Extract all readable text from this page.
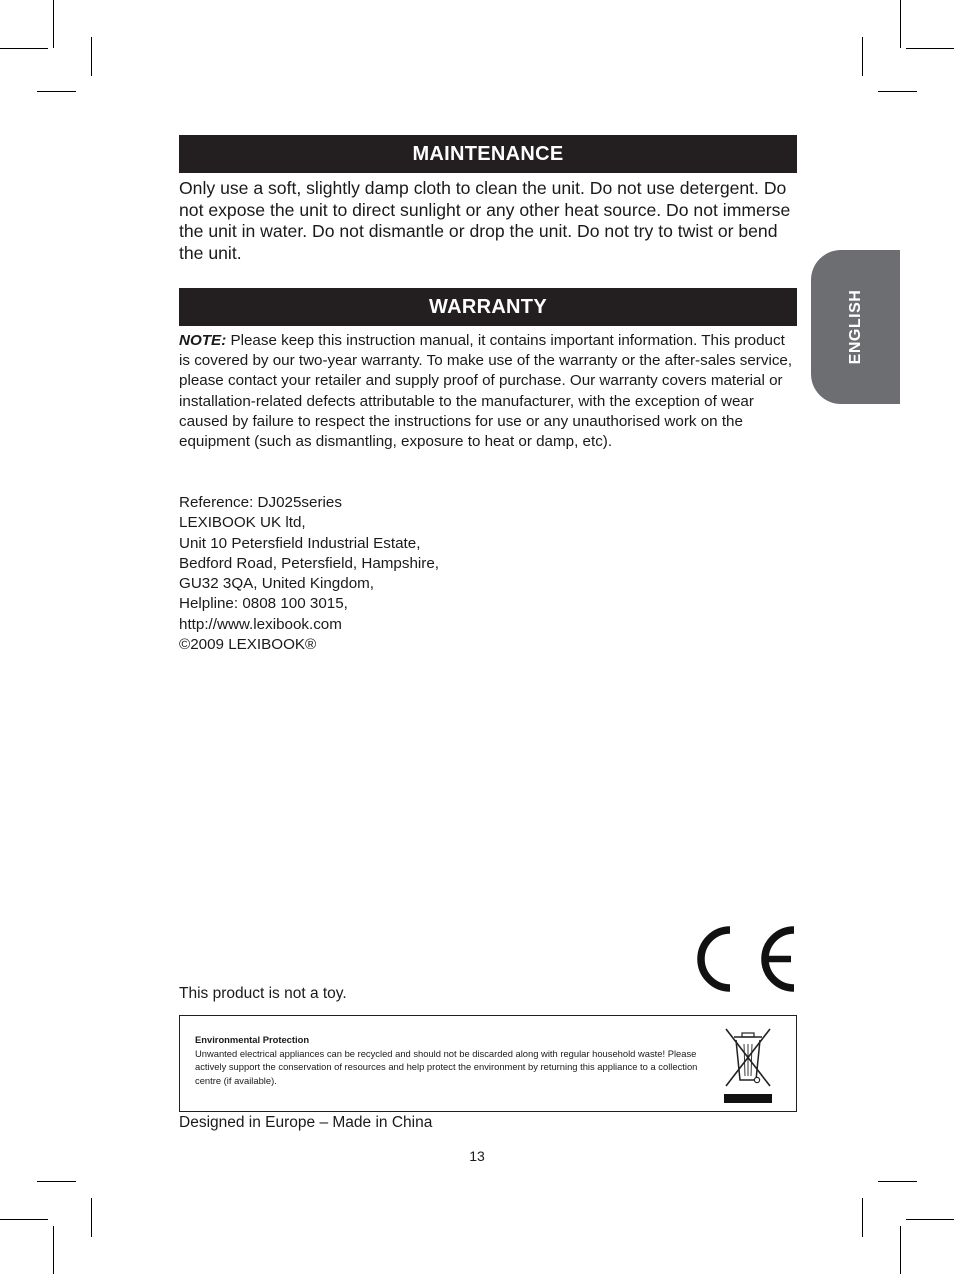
ENGLISH
MAINTENANCE

Only use a soft, slightly damp cloth to clean the unit. Do not use detergent. Do not expose the unit to direct sunlight or any other heat source. Do not immerse the unit in water. Do not dismantle or drop the unit. Do not try to twist or bend the unit.

WARRANTY

NOTE: Please keep this instruction manual, it contains important information. This product is covered by our two-year warranty. To make use of the warranty or the after-sales service, please contact your retailer and supply proof of purchase. Our warranty covers material or installation-related defects attributable to the manufacturer, with the exception of wear caused by failure to respect the instructions for use or any unauthorised work on the equipment (such as dismantling, exposure to heat or damp, etc).

Reference: DJ025series
LEXIBOOK UK ltd,
Unit 10 Petersfield Industrial Estate,
Bedford Road, Petersfield, Hampshire,
GU32 3QA, United Kingdom,
Helpline: 0808 100 3015,
http://www.lexibook.com
©2009 LEXIBOOK®
This product is not a toy.
Environmental Protection
Unwanted electrical appliances can be recycled and should not be discarded along with regular household waste! Please actively support the conservation of resources and help protect the environment by returning this appliance to a collection centre (if available).
Designed in Europe – Made in China
13
